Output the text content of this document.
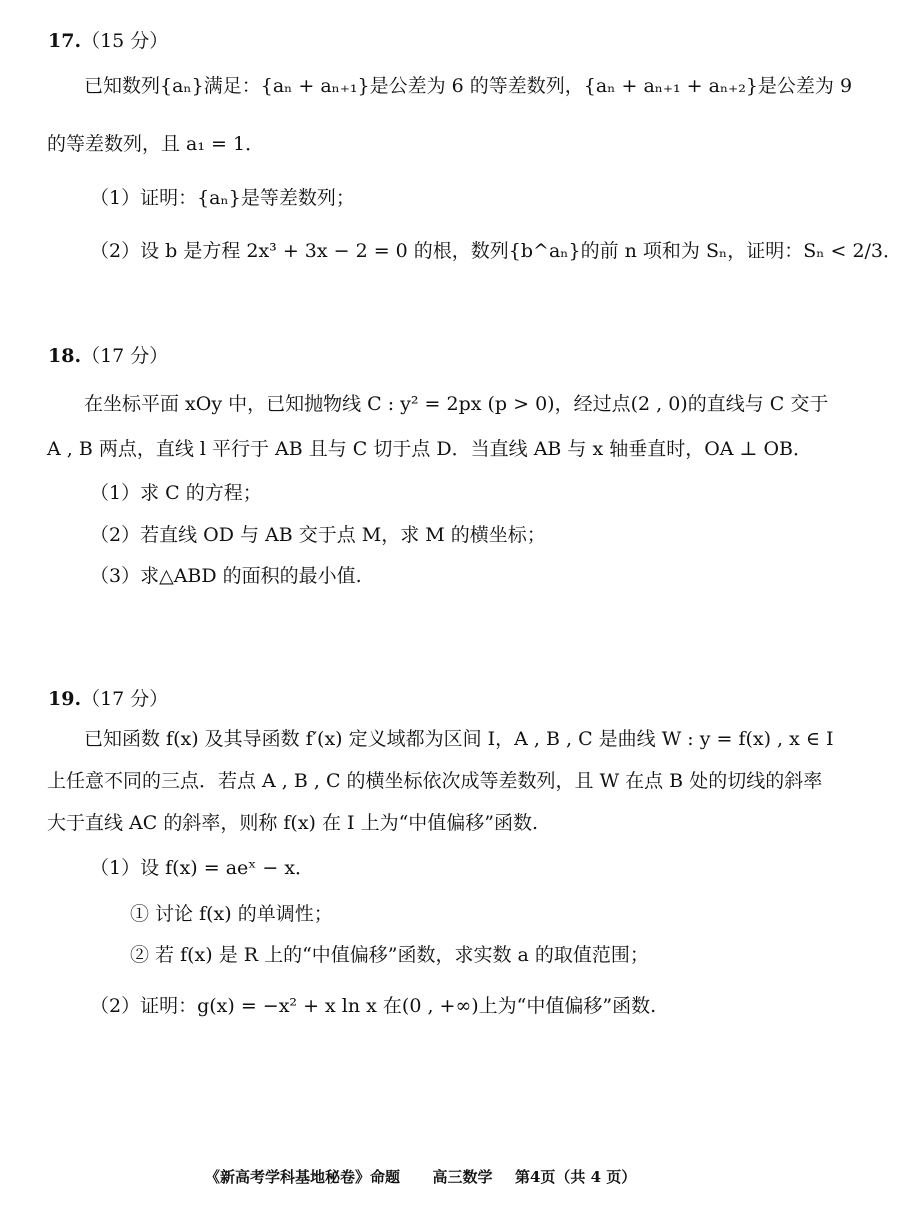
17.（15 分）
已知数列{aₙ}满足：{aₙ + aₙ₊₁}是公差为 6 的等差数列，{aₙ + aₙ₊₁ + aₙ₊₂}是公差为 9
的等差数列，且 a₁ = 1．
（1）证明：{aₙ}是等差数列；
（2）设 b 是方程 2x³ + 3x − 2 = 0 的根，数列{b^aₙ}的前 n 项和为 Sₙ，证明：Sₙ < 2/3．
18.（17 分）
在坐标平面 xOy 中，已知抛物线 C : y² = 2px (p > 0)，经过点(2 , 0)的直线与 C 交于
A , B 两点，直线 l 平行于 AB 且与 C 切于点 D．当直线 AB 与 x 轴垂直时，OA ⊥ OB．
（1）求 C 的方程；
（2）若直线 OD 与 AB 交于点 M，求 M 的横坐标；
（3）求△ABD 的面积的最小值.
19.（17 分）
已知函数 f(x) 及其导函数 f′(x) 定义域都为区间 I，A , B , C 是曲线 W : y = f(x) , x ∈ I
上任意不同的三点．若点 A , B , C 的横坐标依次成等差数列，且 W 在点 B 处的切线的斜率
大于直线 AC 的斜率，则称 f(x) 在 I 上为“中值偏移”函数.
（1）设 f(x) = aeˣ − x．
① 讨论 f(x) 的单调性；
② 若 f(x) 是 R 上的“中值偏移”函数，求实数 a 的取值范围；
（2）证明：g(x) = −x² + x ln x 在(0 , +∞)上为“中值偏移”函数.
《新高考学科基地秘卷》命题 高三数学 第4页（共 4 页）
